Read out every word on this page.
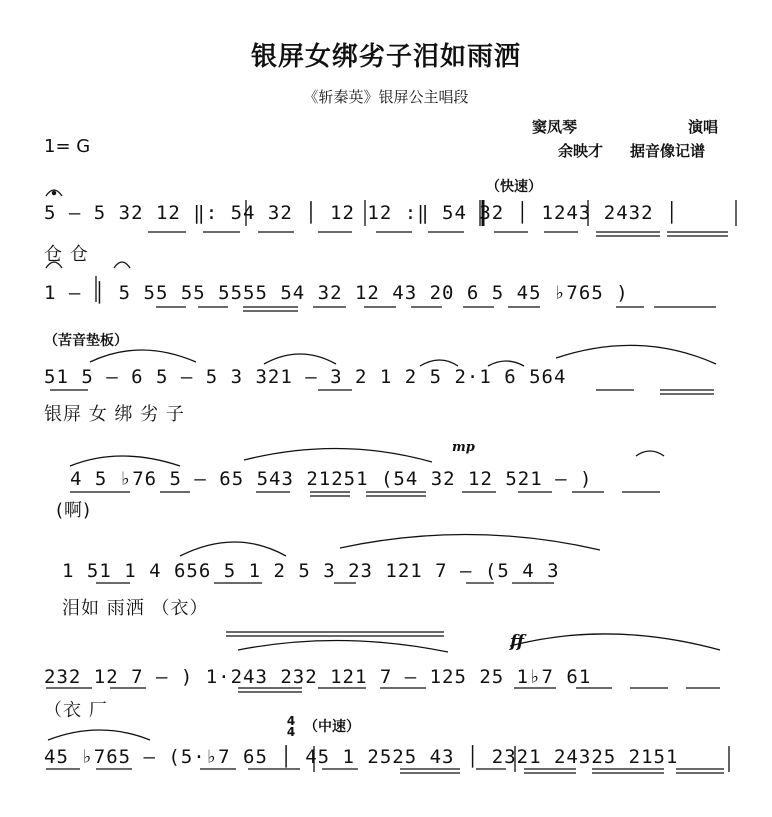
银屏女绑劣子泪如雨洒
《斩秦英》银屏公主唱段
1= G
窦凤琴	演唱
余映才 据音像记谱
（快速）
（苦音垫板）
mp
ff
4
4 （中速）
5 – 5 32 12 ‖: 54 32 │ 12 12 :‖ 54 32 │ 1243 2432 │
仓 仓
1 – │ 5 55 55 5555 54 32 12 43 20 6 5 45 ♭765 )
51 5 – 6 5 – 5 3 321 – 3 2 1 2 5 2·1 6 564
银屏 女 绑 劣 子
4 5 ♭76 5 – 65 543 21251 (54 32 12 521 – )
(啊)
1 51 1 4 656 5 1 2 5 3 23 121 7 – (5 4 3
泪如 雨洒 （衣）
232 12 7 – ) 1·243 232 121 7 – 125 25 1♭7 61
（衣 厂
45 ♭765 – (5·♭7 65 │ 45 1 2525 43 │ 2321 24325 2151
